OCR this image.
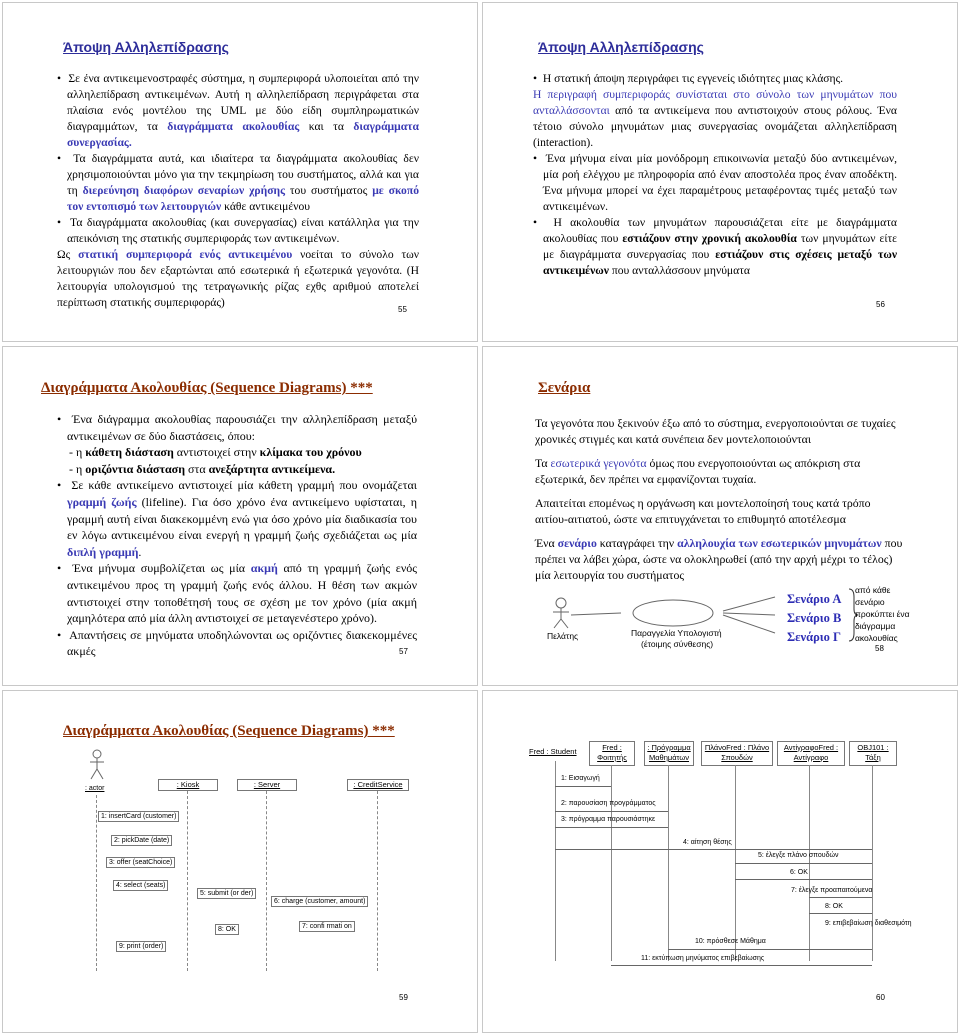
Άποψη Αλληλεπίδρασης

•  Σε ένα αντικειμενοστραφές σύστημα, η συμπεριφορά υλοποιείται από την αλληλεπίδραση αντικειμένων. Αυτή η αλληλεπίδραση περιγράφεται στα πλαίσια ενός μοντέλου της UML με δύο είδη συμπληρωματικών διαγραμμάτων, τα διαγράμματα ακολουθίας και τα διαγράμματα συνεργασίας.

•  Τα διαγράμματα αυτά, και ιδιαίτερα τα διαγράμματα ακολουθίας δεν χρησιμοποιούνται μόνο για την τεκμηρίωση του συστήματος, αλλά και για τη διερεύνηση διαφόρων σεναρίων χρήσης του συστήματος με σκοπό τον εντοπισμό των λειτουργιών κάθε αντικειμένου

•  Τα διαγράμματα ακολουθίας (και συνεργασίας) είναι κατάλληλα για την απεικόνιση της στατικής συμπεριφοράς των αντικειμένων.

Ως στατική συμπεριφορά ενός αντικειμένου νοείται το σύνολο των λειτουργιών που δεν εξαρτώνται από εσωτερικά ή εξωτερικά γεγονότα. (Η λειτουργία υπολογισμού της τετραγωνικής ρίζας εχθς αριθμού αποτελεί περίπτωση στατικής συμπεριφοράς)

55
Άποψη Αλληλεπίδρασης

•  Η στατική άποψη περιγράφει τις εγγενείς ιδιότητες μιας κλάσης.

Η περιγραφή συμπεριφοράς συνίσταται στο σύνολο των μηνυμάτων που ανταλλάσσονται από τα αντικείμενα που αντιστοιχούν στους ρόλους. Ένα τέτοιο σύνολο μηνυμάτων μιας συνεργασίας ονομάζεται αλληλεπίδραση (interaction).

•  Ένα μήνυμα είναι μία μονόδρομη επικοινωνία μεταξύ δύο αντικειμένων, μία ροή ελέγχου με πληροφορία από έναν αποστολέα προς έναν αποδέκτη. Ένα μήνυμα μπορεί να έχει παραμέτρους μεταφέροντας τιμές μεταξύ των αντικειμένων.

•  Η ακολουθία των μηνυμάτων παρουσιάζεται είτε με διαγράμματα ακολουθίας που εστιάζουν στην χρονική ακολουθία των μηνυμάτων είτε με διαγράμματα συνεργασίας που εστιάζουν στις σχέσεις μεταξύ των αντικειμένων που ανταλλάσσουν μηνύματα

56
Διαγράμματα Ακολουθίας (Sequence Diagrams) ***

•  Ένα διάγραμμα ακολουθίας παρουσιάζει την αλληλεπίδραση μεταξύ αντικειμένων σε δύο διαστάσεις, όπου:

- η κάθετη διάσταση αντιστοιχεί στην κλίμακα του χρόνου

- η οριζόντια διάσταση στα ανεξάρτητα αντικείμενα.

•  Σε κάθε αντικείμενο αντιστοιχεί μία κάθετη γραμμή που ονομάζεται γραμμή ζωής (lifeline). Για όσο χρόνο ένα αντικείμενο υφίσταται, η γραμμή αυτή είναι διακεκομμένη ενώ για όσο χρόνο μία διαδικασία του εν λόγω αντικειμένου είναι ενεργή η γραμμή ζωής σχεδιάζεται ως μία διπλή γραμμή.

•  Ένα μήνυμα συμβολίζεται ως μία ακμή από τη γραμμή ζωής ενός αντικειμένου προς τη γραμμή ζωής ενός άλλου. Η θέση των ακμών αντιστοιχεί στην τοποθέτησή τους σε σχέση με τον χρόνο (μία ακμή χαμηλότερα από μία άλλη αντιστοιχεί σε μεταγενέστερο χρόνο).

•  Απαντήσεις σε μηνύματα υποδηλώνονται ως οριζόντιες διακεκομμένες ακμές	57
Σενάρια

Τα γεγονότα που ξεκινούν έξω από το σύστημα, ενεργοποιούνται σε τυχαίες χρονικές στιγμές και κατά συνέπεια δεν μοντελοποιούνται

Τα εσωτερικά γεγονότα όμως που ενεργοποιούνται ως απόκριση στα εξωτερικά, δεν πρέπει να εμφανίζονται τυχαία.

Απαιτείται επομένως η οργάνωση και μοντελοποίησή τους κατά τρόπο αιτίου-αιτιατού, ώστε να επιτυγχάνεται το επιθυμητό αποτέλεσμα

Ένα σενάριο καταγράφει την αλληλουχία των εσωτερικών μηνυμάτων που πρέπει να λάβει χώρα, ώστε να ολοκληρωθεί (από την αρχή μέχρι το τέλος) μία λειτουργία του συστήματος

Πελάτης	Παραγγελία Υπολογιστή
(έτοιμης σύνθεσης)
Σενάριο Α
Σενάριο Β
Σενάριο Γ
από κάθε
σενάριο
προκύπτει ένα
διάγραμμα
ακολουθίας
58
Διαγράμματα Ακολουθίας (Sequence Diagrams) ***
: actor	: Kiosk	: Server	: CreditService
1: insertCard (customer)
2: pickDate (date)
3: offer (seatChoice)
4: select (seats)
5: submit (or der)
6: charge (customer, amount)
7: confi rmati on
8: OK
9: print (order)
59
Fred : Student	Fred : Φοιτητής
: Πρόγραμμα Μαθημάτων
ΠλάνοFred : Πλάνο Σπουδών
ΑντίγραφοFred : Αντίγραφο
OBJ101 : Τάξη
1: Εισαγωγή
2: παρουσίαση προγράμματος
3: πρόγραμμα παρουσιάστηκε
4: αίτηση θέσης
5: έλεγξε πλάνο σπουδών
6: OK
7: έλεγξε προαπαιτούμενα
8: OK
9: επιβεβαίωση διαθεσιμότη
10: πρόσθεσε Μάθημα
11: εκτύπωση μηνύματος επιβεβαίωσης
60
